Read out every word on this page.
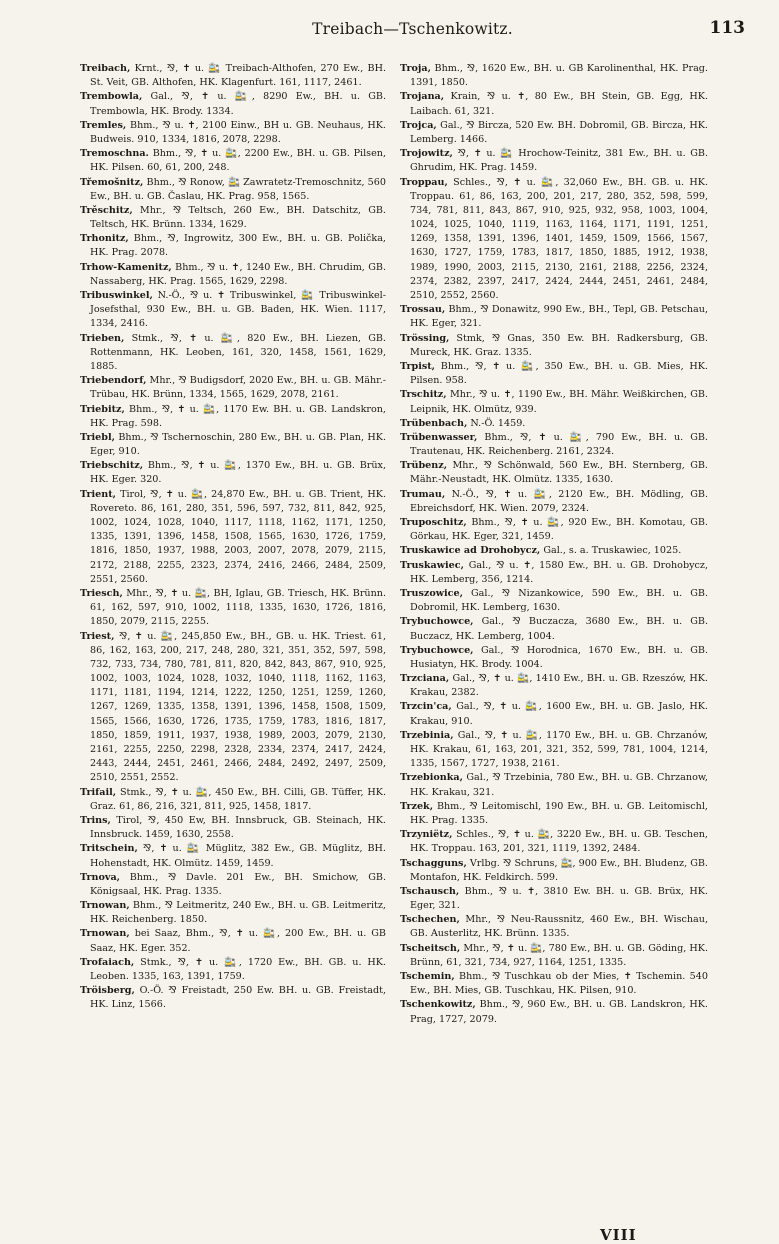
Treibach—Tschenkowitz.	113

Treibach, Krnt., ⅋, ✝ u. 🚉 Treibach-Althofen, 270 Ew., BH. St. Veit, GB. Althofen, HK. Klagenfurt. 161, 1117, 2461.

Trembowla, Gal., ⅋, ✝ u. 🚉, 8290 Ew., BH. u. GB. Trembowla, HK. Brody. 1334.

Tremles, Bhm., ⅋ u. ✝, 2100 Einw., BH u. GB. Neuhaus, HK. Budweis. 910, 1334, 1816, 2078, 2298.

Tremoschna. Bhm., ⅋, ✝ u. 🚉, 2200 Ew., BH. u. GB. Pilsen, HK. Pilsen. 60, 61, 200, 248.

Třemošnitz, Bhm., ⅋ Ronow, 🚉 Zawratetz-Tremoschnitz, 560 Ew., BH. u. GB. Časlau, HK. Prag. 958, 1565.

Trěschitz, Mhr., ⅋ Teltsch, 260 Ew., BH. Datschitz, GB. Teltsch, HK. Brünn. 1334, 1629.

Trhonitz, Bhm., ⅋, Ingrowitz, 300 Ew., BH. u. GB. Polička, HK. Prag. 2078.

Trhow-Kamenitz, Bhm., ⅋ u. ✝, 1240 Ew., BH. Chrudim, GB. Nassaberg, HK. Prag. 1565, 1629, 2298.

Tribuswinkel, N.-Ö., ⅋ u. ✝ Tribuswinkel, 🚉 Tribuswinkel-Josefsthal, 930 Ew., BH. u. GB. Baden, HK. Wien. 1117, 1334, 2416.

Trieben, Stmk., ⅋, ✝ u. 🚉, 820 Ew., BH. Liezen, GB. Rottenmann, HK. Leoben, 161, 320, 1458, 1561, 1629, 1885.

Triebendorf, Mhr., ⅋ Budigsdorf, 2020 Ew., BH. u. GB. Mähr.-Trübau, HK. Brünn, 1334, 1565, 1629, 2078, 2161.

Triebitz, Bhm., ⅋, ✝ u. 🚉, 1170 Ew. BH. u. GB. Landskron, HK. Prag. 598.

Triebl, Bhm., ⅋ Tschernoschin, 280 Ew., BH. u. GB. Plan, HK. Eger, 910.

Triebschitz, Bhm., ⅋, ✝ u. 🚉, 1370 Ew., BH. u. GB. Brüx, HK. Eger. 320.

Trient, Tirol, ⅋, ✝ u. 🚉, 24,870 Ew., BH. u. GB. Trient, HK. Rovereto. 86, 161, 280, 351, 596, 597, 732, 811, 842, 925, 1002, 1024, 1028, 1040, 1117, 1118, 1162, 1171, 1250, 1335, 1391, 1396, 1458, 1508, 1565, 1630, 1726, 1759, 1816, 1850, 1937, 1988, 2003, 2007, 2078, 2079, 2115, 2172, 2188, 2255, 2323, 2374, 2416, 2466, 2484, 2509, 2551, 2560.

Triesch, Mhr., ⅋, ✝ u. 🚉, BH, Iglau, GB. Triesch, HK. Brünn. 61, 162, 597, 910, 1002, 1118, 1335, 1630, 1726, 1816, 1850, 2079, 2115, 2255.

Triest, ⅋, ✝ u. 🚉, 245,850 Ew., BH., GB. u. HK. Triest. 61, 86, 162, 163, 200, 217, 248, 280, 321, 351, 352, 597, 598, 732, 733, 734, 780, 781, 811, 820, 842, 843, 867, 910, 925, 1002, 1003, 1024, 1028, 1032, 1040, 1118, 1162, 1163, 1171, 1181, 1194, 1214, 1222, 1250, 1251, 1259, 1260, 1267, 1269, 1335, 1358, 1391, 1396, 1458, 1508, 1509, 1565, 1566, 1630, 1726, 1735, 1759, 1783, 1816, 1817, 1850, 1859, 1911, 1937, 1938, 1989, 2003, 2079, 2130, 2161, 2255, 2250, 2298, 2328, 2334, 2374, 2417, 2424, 2443, 2444, 2451, 2461, 2466, 2484, 2492, 2497, 2509, 2510, 2551, 2552.

Trifail, Stmk., ⅋, ✝ u. 🚉, 450 Ew., BH. Cilli, GB. Tüffer, HK. Graz. 61, 86, 216, 321, 811, 925, 1458, 1817.

Trins, Tirol, ⅋, 450 Ew, BH. Innsbruck, GB. Steinach, HK. Innsbruck. 1459, 1630, 2558.

Tritschein, ⅋, ✝ u. 🚉 Müglitz, 382 Ew., GB. Müglitz, BH. Hohenstadt, HK. Olmütz. 1459, 1459.

Trnova, Bhm., ⅋ Davle. 201 Ew., BH. Smichow, GB. Königsaal, HK. Prag. 1335.

Trnowan, Bhm., ⅋ Leitmeritz, 240 Ew., BH. u. GB. Leitmeritz, HK. Reichenberg. 1850.

Trnowan, bei Saaz, Bhm., ⅋, ✝ u. 🚉, 200 Ew., BH. u. GB Saaz, HK. Eger. 352.

Trofaiach, Stmk., ⅋, ✝ u. 🚉, 1720 Ew., BH. GB. u. HK. Leoben. 1335, 163, 1391, 1759.

Tröisberg, O.-Ö. ⅋ Freistadt, 250 Ew. BH. u. GB. Freistadt, HK. Linz, 1566.

Troja, Bhm., ⅋, 1620 Ew., BH. u. GB Karolinenthal, HK. Prag. 1391, 1850.

Trojana, Krain, ⅋ u. ✝, 80 Ew., BH Stein, GB. Egg, HK. Laibach. 61, 321.

Trojca, Gal., ⅋ Bircza, 520 Ew. BH. Dobromil, GB. Bircza, HK. Lemberg. 1466.

Trojowitz, ⅋, ✝ u. 🚉 Hrochow-Teinitz, 381 Ew., BH. u. GB. Ghrudim, HK. Prag. 1459.

Troppau, Schles., ⅋, ✝ u. 🚉, 32,060 Ew., BH. GB. u. HK. Troppau. 61, 86, 163, 200, 201, 217, 280, 352, 598, 599, 734, 781, 811, 843, 867, 910, 925, 932, 958, 1003, 1004, 1024, 1025, 1040, 1119, 1163, 1164, 1171, 1191, 1251, 1269, 1358, 1391, 1396, 1401, 1459, 1509, 1566, 1567, 1630, 1727, 1759, 1783, 1817, 1850, 1885, 1912, 1938, 1989, 1990, 2003, 2115, 2130, 2161, 2188, 2256, 2324, 2374, 2382, 2397, 2417, 2424, 2444, 2451, 2461, 2484, 2510, 2552, 2560.

Trossau, Bhm., ⅋ Donawitz, 990 Ew., BH., Tepl, GB. Petschau, HK. Eger, 321.

Trössing, Stmk, ⅋ Gnas, 350 Ew. BH. Radkersburg, GB. Mureck, HK. Graz. 1335.

Trpist, Bhm., ⅋, ✝ u. 🚉, 350 Ew., BH. u. GB. Mies, HK. Pilsen. 958.

Trschitz, Mhr., ⅋ u. ✝, 1190 Ew., BH. Mähr. Weißkirchen, GB. Leipnik, HK. Olmütz, 939.

Trübenbach, N.-Ö. 1459.

Trübenwasser, Bhm., ⅋, ✝ u. 🚉, 790 Ew., BH. u. GB. Trautenau, HK. Reichenberg. 2161, 2324.

Trübenz, Mhr., ⅋ Schönwald, 560 Ew., BH. Sternberg, GB. Mähr.-Neustadt, HK. Olmütz. 1335, 1630.

Trumau, N.-Ö., ⅋, ✝ u. 🚉, 2120 Ew., BH. Mödling, GB. Ebreichsdorf, HK. Wien. 2079, 2324.

Truposchitz, Bhm., ⅋, ✝ u. 🚉, 920 Ew., BH. Komotau, GB. Görkau, HK. Eger, 321, 1459.

Truskawice ad Drohobycz, Gal., s. a. Truskawiec, 1025.

Truskawiec, Gal., ⅋ u. ✝, 1580 Ew., BH. u. GB. Drohobycz, HK. Lemberg, 356, 1214.

Truszowice, Gal., ⅋ Nizankowice, 590 Ew., BH. u. GB. Dobromil, HK. Lemberg, 1630.

Trybuchowce, Gal., ⅋ Buczacza, 3680 Ew., BH. u. GB. Buczacz, HK. Lemberg, 1004.

Trybuchowce, Gal., ⅋ Horodnica, 1670 Ew., BH. u. GB. Husiatyn, HK. Brody. 1004.

Trzciana, Gal., ⅋, ✝ u. 🚉, 1410 Ew., BH. u. GB. Rzeszów, HK. Krakau, 2382.

Trzcin'ca, Gal., ⅋, ✝ u. 🚉, 1600 Ew., BH. u. GB. Jaslo, HK. Krakau, 910.

Trzebinia, Gal., ⅋, ✝ u. 🚉, 1170 Ew., BH. u. GB. Chrzanów, HK. Krakau, 61, 163, 201, 321, 352, 599, 781, 1004, 1214, 1335, 1567, 1727, 1938, 2161.

Trzebionka, Gal., ⅋ Trzebinia, 780 Ew., BH. u. GB. Chrzanow, HK. Krakau, 321.

Trzek, Bhm., ⅋ Leitomischl, 190 Ew., BH. u. GB. Leitomischl, HK. Prag. 1335.

Trzyniëtz, Schles., ⅋, ✝ u. 🚉, 3220 Ew., BH. u. GB. Teschen, HK. Troppau. 163, 201, 321, 1119, 1392, 2484.

Tschagguns, Vrlbg. ⅋ Schruns, 🚉, 900 Ew., BH. Bludenz, GB. Montafon, HK. Feldkirch. 599.

Tschausch, Bhm., ⅋ u. ✝, 3810 Ew. BH. u. GB. Brüx, HK. Eger, 321.

Tschechen, Mhr., ⅋ Neu-Raussnitz, 460 Ew., BH. Wischau, GB. Austerlitz, HK. Brünn. 1335.

Tscheitsch, Mhr., ⅋, ✝ u. 🚉, 780 Ew., BH. u. GB. Göding, HK. Brünn, 61, 321, 734, 927, 1164, 1251, 1335.

Tschemin, Bhm., ⅋ Tuschkau ob der Mies, ✝ Tschemin. 540 Ew., BH. Mies, GB. Tuschkau, HK. Pilsen, 910.

Tschenkowitz, Bhm., ⅋, 960 Ew., BH. u. GB. Landskron, HK. Prag, 1727, 2079.

VIII
